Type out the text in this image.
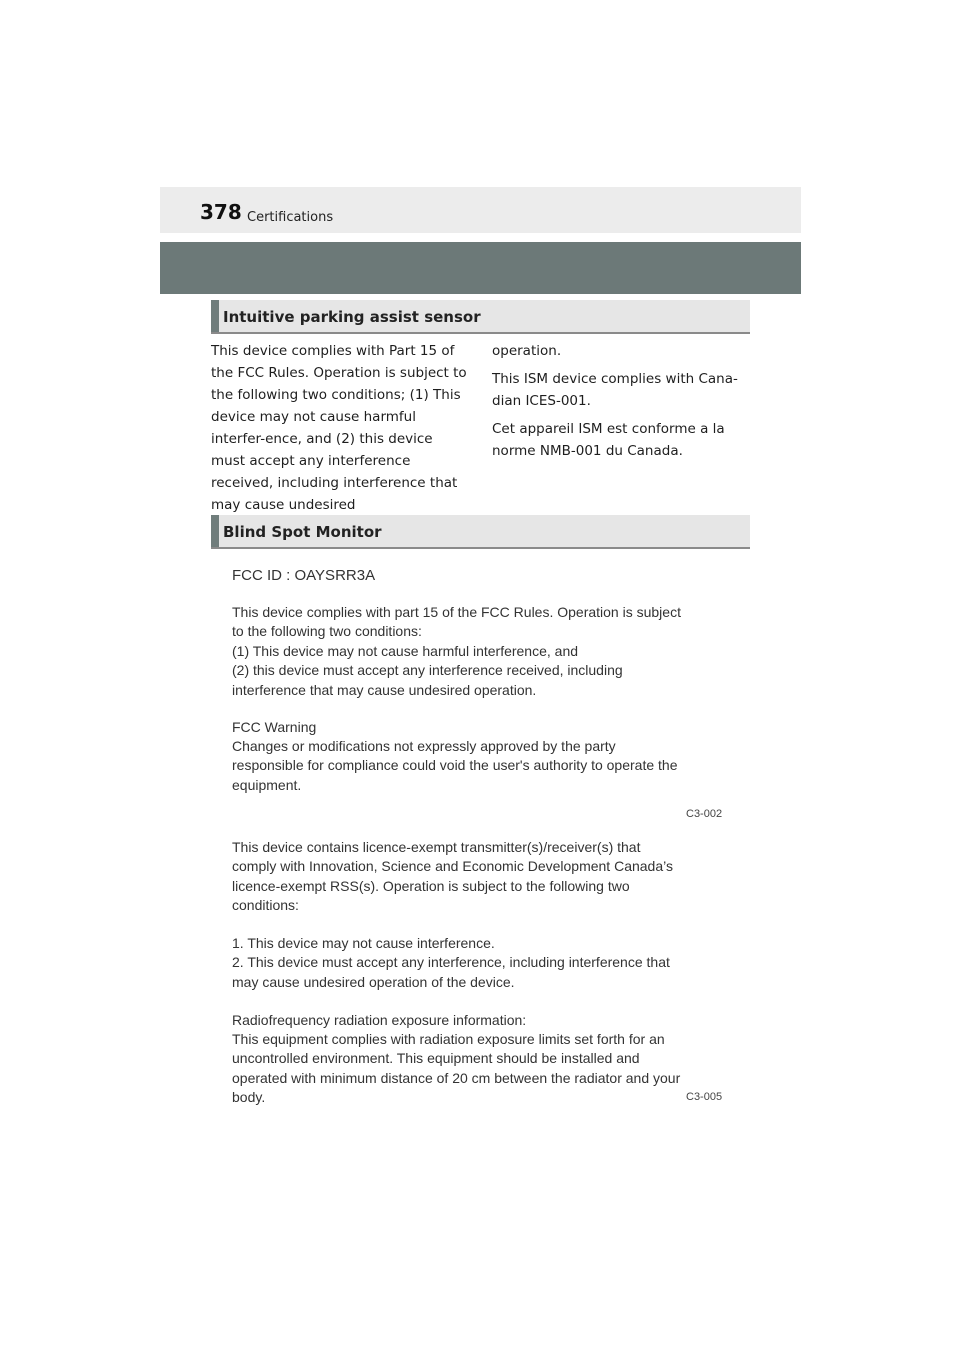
378 Certifications
Intuitive parking assist sensor

This device complies with Part 15 of the FCC Rules. Operation is subject to the following two conditions; (1) This device may not cause harmful interfer-ence, and (2) this device must accept any interference received, including interference that may cause undesired

operation.

This ISM device complies with Cana-dian ICES-001.

Cet appareil ISM est conforme a la norme NMB-001 du Canada.

Blind Spot Monitor
FCC ID : OAYSRR3A
This device complies with part 15 of the FCC Rules. Operation is subject
to the following two conditions:
(1) This device may not cause harmful interference, and
(2) this device must accept any interference received, including
interference that may cause undesired operation.
FCC Warning
Changes or modifications not expressly approved by the party
responsible for compliance could void the user's authority to operate the
equipment.
C3-002
This device contains licence-exempt transmitter(s)/receiver(s) that
comply with Innovation, Science and Economic Development Canada’s
licence-exempt RSS(s). Operation is subject to the following two
conditions:
1. This device may not cause interference.
2. This device must accept any interference, including interference that
may cause undesired operation of the device.
Radiofrequency radiation exposure information:
This equipment complies with radiation exposure limits set forth for an
uncontrolled environment. This equipment should be installed and
operated with minimum distance of 20 cm between the radiator and your
body.	C3-005
